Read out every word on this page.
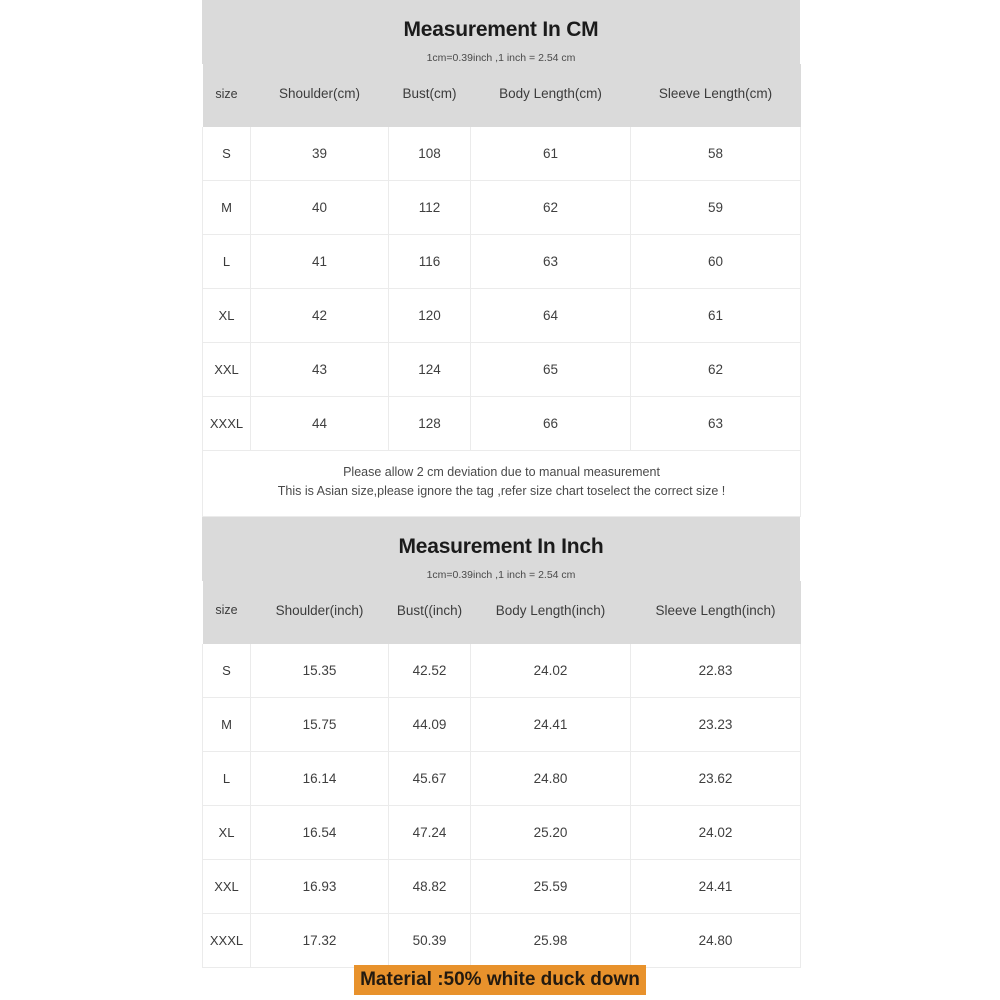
Measurement In CM
1cm=0.39inch ,1 inch = 2.54 cm
size	Shoulder(cm)	Bust(cm)	Body Length(cm)	Sleeve Length(cm)
S	39	108	61	58
M	40	112	62	59
L	41	116	63	60
XL	42	120	64	61
XXL	43	124	65	62
XXXL	44	128	66	63

Please allow 2 cm deviation due to manual measurement
This is Asian size,please ignore the tag ,refer size chart toselect the correct size !				
Measurement In Inch
1cm=0.39inch ,1 inch = 2.54 cm
size	Shoulder(inch)	Bust((inch)	Body Length(inch)	Sleeve Length(inch)
S	15.35	42.52	24.02	22.83
M	15.75	44.09	24.41	23.23
L	16.14	45.67	24.80	23.62
XL	16.54	47.24	25.20	24.02
XXL	16.93	48.82	25.59	24.41
XXXL	17.32	50.39	25.98	24.80
Material :50% white duck down
